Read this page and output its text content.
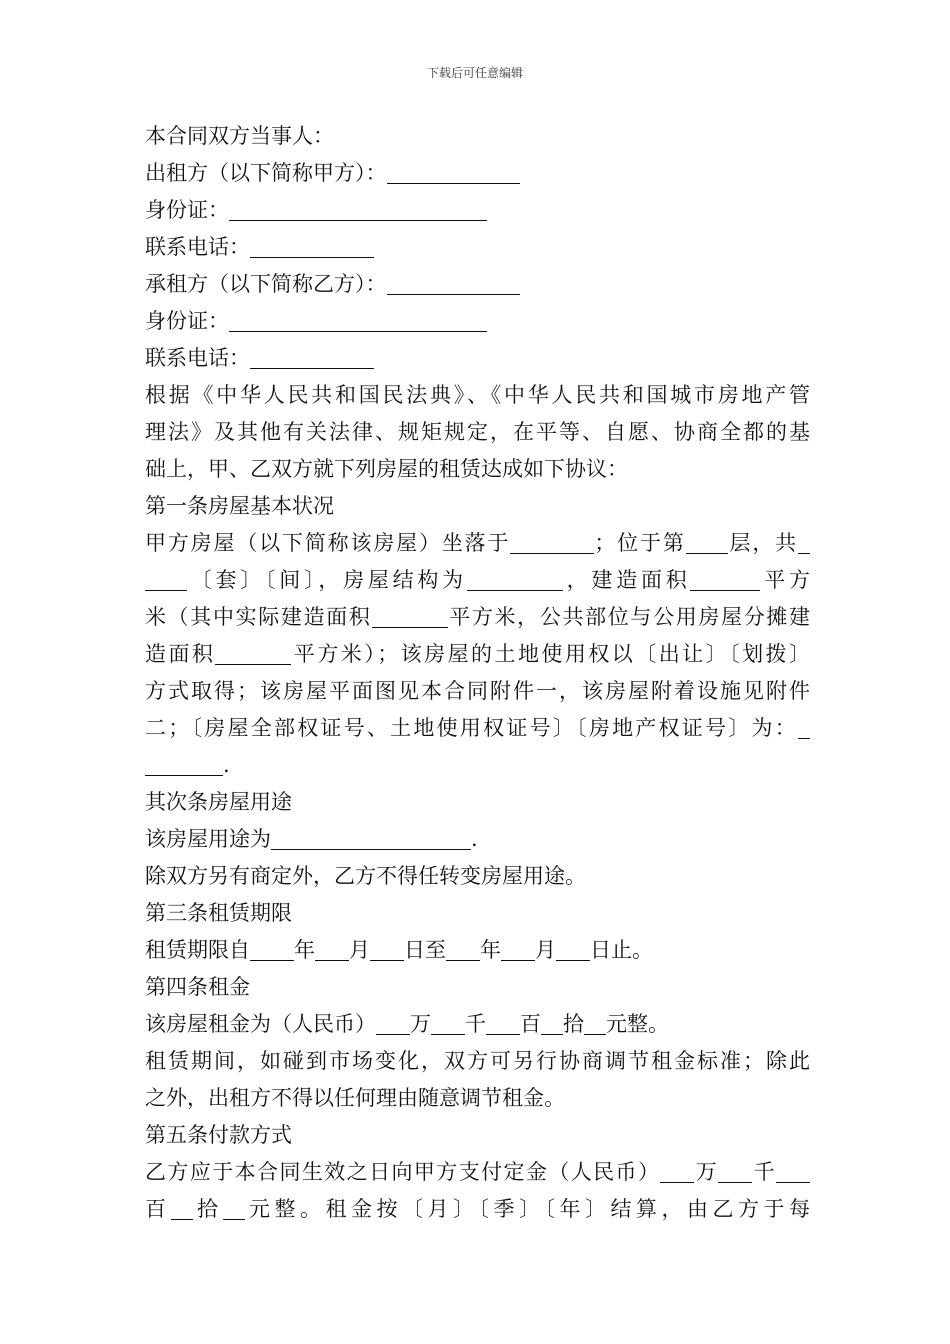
下载后可任意编辑
本合同双方当事人：
出租方（以下简称甲方）：
身份证：
联系电话：
承租方（以下简称乙方）：
身份证：
联系电话：
根据《中华人民共和国民法典》、《中华人民共和国城市房地产管
理法》及其他有关法律、规矩规定，在平等、自愿、协商全都的基
础上，甲、乙双方就下列房屋的租赁达成如下协议：
第一条房屋基本状况
甲方房屋（以下简称该房屋）坐落于	；位于第 层，共
〔套〕〔间〕，房屋结构为	，建造面积	平方
米（其中实际建造面积	平方米，公共部位与公用房屋分摊建
造面积	平方米）；该房屋的土地使用权以〔出让〕〔划拨〕
方式取得；该房屋平面图见本合同附件一，该房屋附着设施见附件
二；〔房屋全部权证号、土地使用权证号〕〔房地产权证号〕为：
.
其次条房屋用途
该房屋用途为	.
除双方另有商定外，乙方不得任转变房屋用途。
第三条租赁期限
租赁期限自 年 月 日至 年 月 日止。
第四条租金
该房屋租金为（人民币） 万 千 百 拾 元整。
租赁期间，如碰到市场变化，双方可另行协商调节租金标准；除此
之外，出租方不得以任何理由随意调节租金。
第五条付款方式
乙方应于本合同生效之日向甲方支付定金（人民币） 万 千
百 拾 元整。租金按〔月〕〔季〕〔年〕结算，由乙方于每
